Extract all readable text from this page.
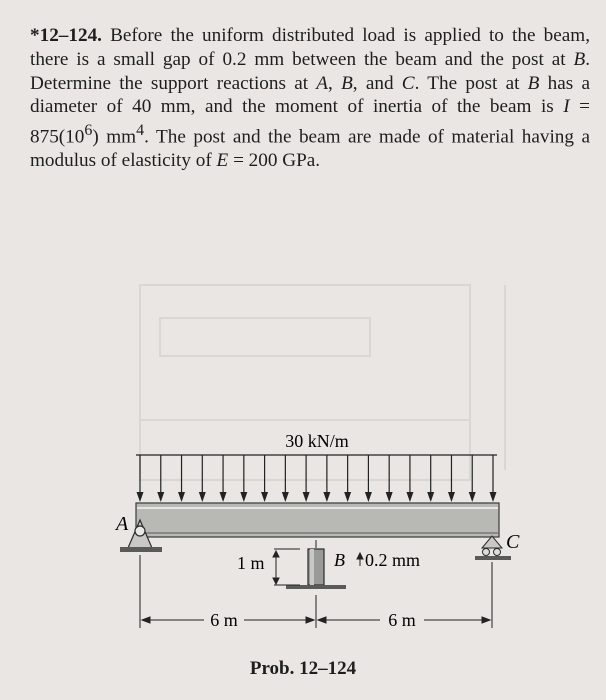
*12–124. Before the uniform distributed load is applied to the beam, there is a small gap of 0.2 mm between the beam and the post at B. Determine the support reactions at A, B, and C. The post at B has a diameter of 40 mm, and the moment of inertia of the beam is $I = 875(10^6)$ $mm^4$. The post and the beam are made of material having a modulus of elasticity of E = 200 GPa.
30 kN/m
A
C
B 0.2 mm
1 m
6 m	6 m
Prob. 12–124
